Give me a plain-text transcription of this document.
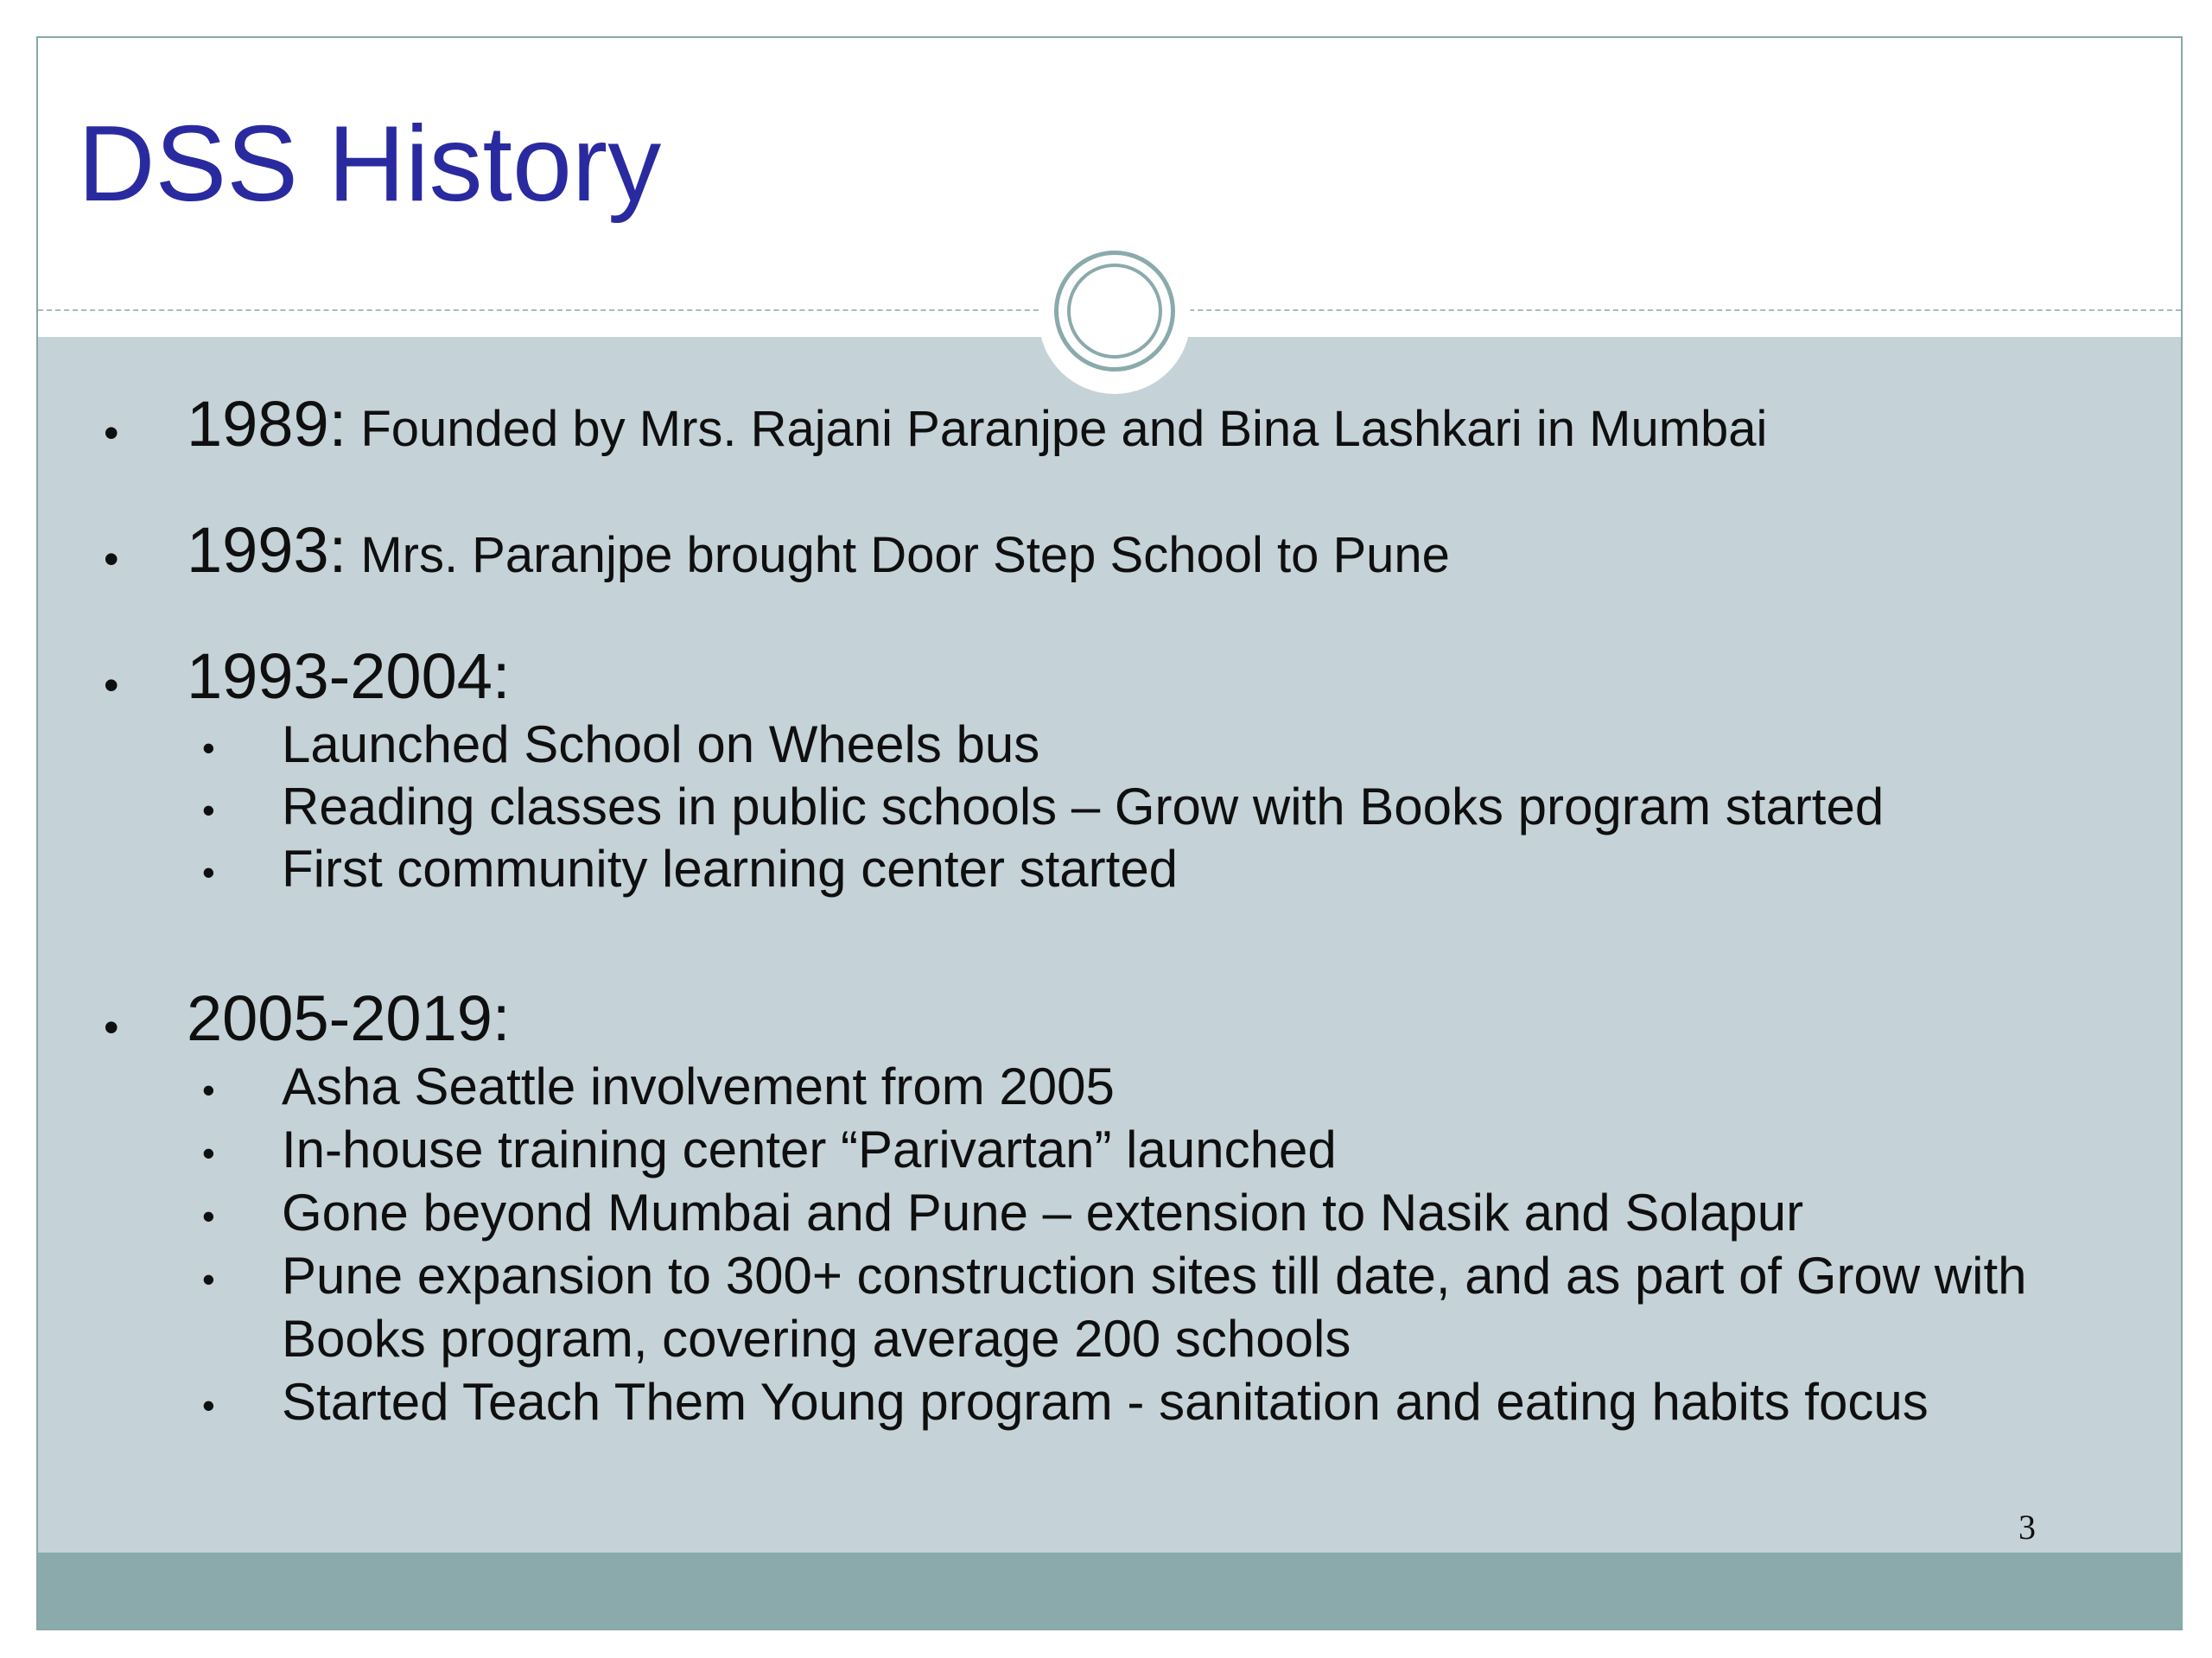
DSS History
• 1989: Founded by Mrs. Rajani Paranjpe and Bina Lashkari in Mumbai
• 1993: Mrs. Paranjpe brought Door Step School to Pune
• 1993-2004:
• Launched School on Wheels bus
• Reading classes in public schools – Grow with Books program started
• First community learning center started
• 2005-2019:
• Asha Seattle involvement from 2005
• In-house training center “Parivartan” launched
• Gone beyond Mumbai and Pune – extension to Nasik and Solapur
• Pune expansion to 300+ construction sites till date, and as part of Grow with
Books program, covering average 200 schools
• Started Teach Them Young program - sanitation and eating habits focus
3
